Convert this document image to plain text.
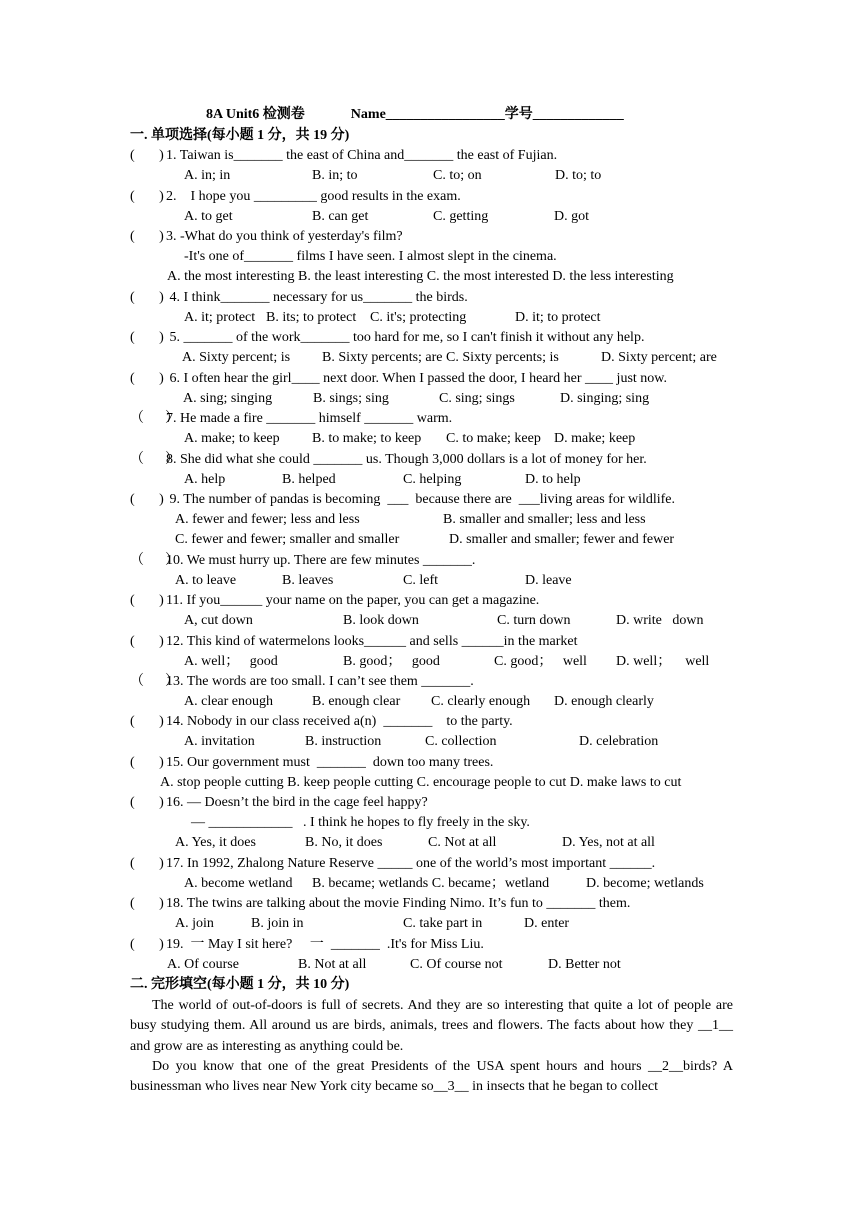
8A Unit6 检测卷	Name_________________学号_____________
一. 单项选择(每小题 1 分，共 19 分)
(       ) 1. Taiwan is_______ the east of China and_______ the east of Fujian.
A. in; in	B. in; to	C. to; on	D. to; to
(       ) 2.    I hope you _________ good results in the exam.
A. to get	B. can get	C. getting	D. got
(       ) 3. -What do you think of yesterday's film?
-It's one of_______ films I have seen. I almost slept in the cinema.
A. the most interesting B. the least interesting C. the most interested D. the less interesting
(       ) 4. I think_______ necessary for us_______ the birds.
A. it; protect B. its; to protect C. it's; protecting	D. it; to protect
(       ) 5. _______ of the work_______ too hard for me, so I can't finish it without any help.
A. Sixty percent; is B. Sixty percents; are C. Sixty percents; is	D. Sixty percent; are
(       ) 6. I often hear the girl____ next door. When I passed the door, I heard her ____ just now.
A. sing; singing	B. sings; sing	C. sing; sings	D. singing; sing
（      ）
7. He made a fire _______ himself _______ warm.
A. make; to keep B. to make; to keep C. to make; keep D. make; keep
（      ）
8. She did what she could _______ us. Though 3,000 dollars is a lot of money for her.
A. help	B. helped	C. helping	D. to help
(       ) 9. The number of pandas is becoming  ___  because there are  ___living areas for wildlife.
A. fewer and fewer; less and less	B. smaller and smaller; less and less
C. fewer and fewer; smaller and smaller	D. smaller and smaller; fewer and fewer
（      ）
10. We must hurry up. There are few minutes _______.
A. to leave	B. leaves	C. left	D. leave
(       ) 11. If you______ your name on the paper, you can get a magazine.
A, cut down	B. look down	C. turn down	D. write   down
(       ) 12. This kind of watermelons looks______ and sells ______in the market
A. well；   good	B. good；   good	C. good；   well D. well；    well
（      ）
13. The words are too small. I can’t see them _______.
A. clear enough	B. enough clear C. clearly enough D. enough clearly
(       ) 14. Nobody in our class received a(n)  _______    to the party.
A. invitation	B. instruction	C. collection	D. celebration
(       ) 15. Our government must  _______  down too many trees.
A. stop people cutting B. keep people cutting C. encourage people to cut D. make laws to cut
(       ) 16. — Doesn’t the bird in the cage feel happy?
— ____________   . I think he hopes to fly freely in the sky.
A. Yes, it does	B. No, it does	C. Not at all	D. Yes, not at all
(       ) 17. In 1992, Zhalong Nature Reserve _____ one of the world’s most important ______.
A. become wetland B. became; wetlands C. became；wetland	D. become; wetlands
(       ) 18. The twins are talking about the movie Finding Nimo. It’s fun to _______ them.
A. join	B. join in	C. take part in	D. enter
(       ) 19.  一 May I sit here?     一  _______  .It's for Miss Liu.
A. Of course	B. Not at all	C. Of course not	D. Better not
二. 完形填空(每小题 1 分，共 10 分)
The world of out-of-doors is full of secrets. And they are so interesting that quite a lot of people are busy studying them. All around us are birds, animals, trees and flowers. The facts about how they __1__ and grow are as interesting as anything could be.
Do you know that one of the great Presidents of the USA spent hours and hours __2__birds? A businessman who lives near New York city became so__3__ in insects that he began to collect
